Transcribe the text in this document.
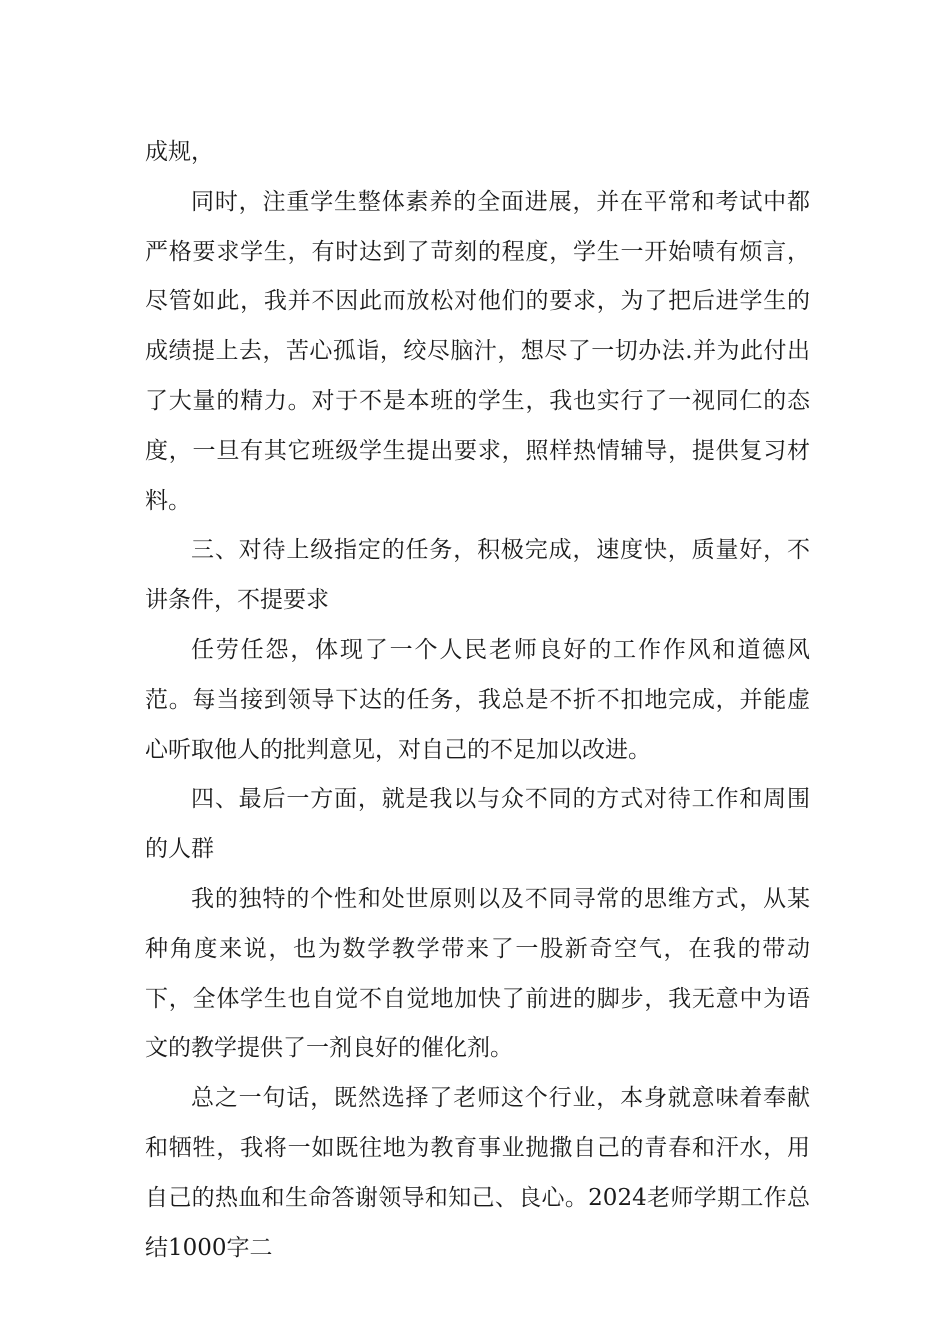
成规，

同时，注重学生整体素养的全面进展，并在平常和考试中都严格要求学生，有时达到了苛刻的程度，学生一开始啧有烦言，尽管如此，我并不因此而放松对他们的要求，为了把后进学生的成绩提上去，苦心孤诣，绞尽脑汁，想尽了一切办法.并为此付出了大量的精力。对于不是本班的学生，我也实行了一视同仁的态度，一旦有其它班级学生提出要求，照样热情辅导，提供复习材料。

三、对待上级指定的任务，积极完成，速度快，质量好，不讲条件，不提要求

任劳任怨，体现了一个人民老师良好的工作作风和道德风范。每当接到领导下达的任务，我总是不折不扣地完成，并能虚心听取他人的批判意见，对自己的不足加以改进。

四、最后一方面，就是我以与众不同的方式对待工作和周围的人群

我的独特的个性和处世原则以及不同寻常的思维方式，从某种角度来说，也为数学教学带来了一股新奇空气，在我的带动下，全体学生也自觉不自觉地加快了前进的脚步，我无意中为语文的教学提供了一剂良好的催化剂。

总之一句话，既然选择了老师这个行业，本身就意味着奉献和牺牲，我将一如既往地为教育事业抛撒自己的青春和汗水，用自己的热血和生命答谢领导和知己、良心。2024老师学期工作总结1000字二
